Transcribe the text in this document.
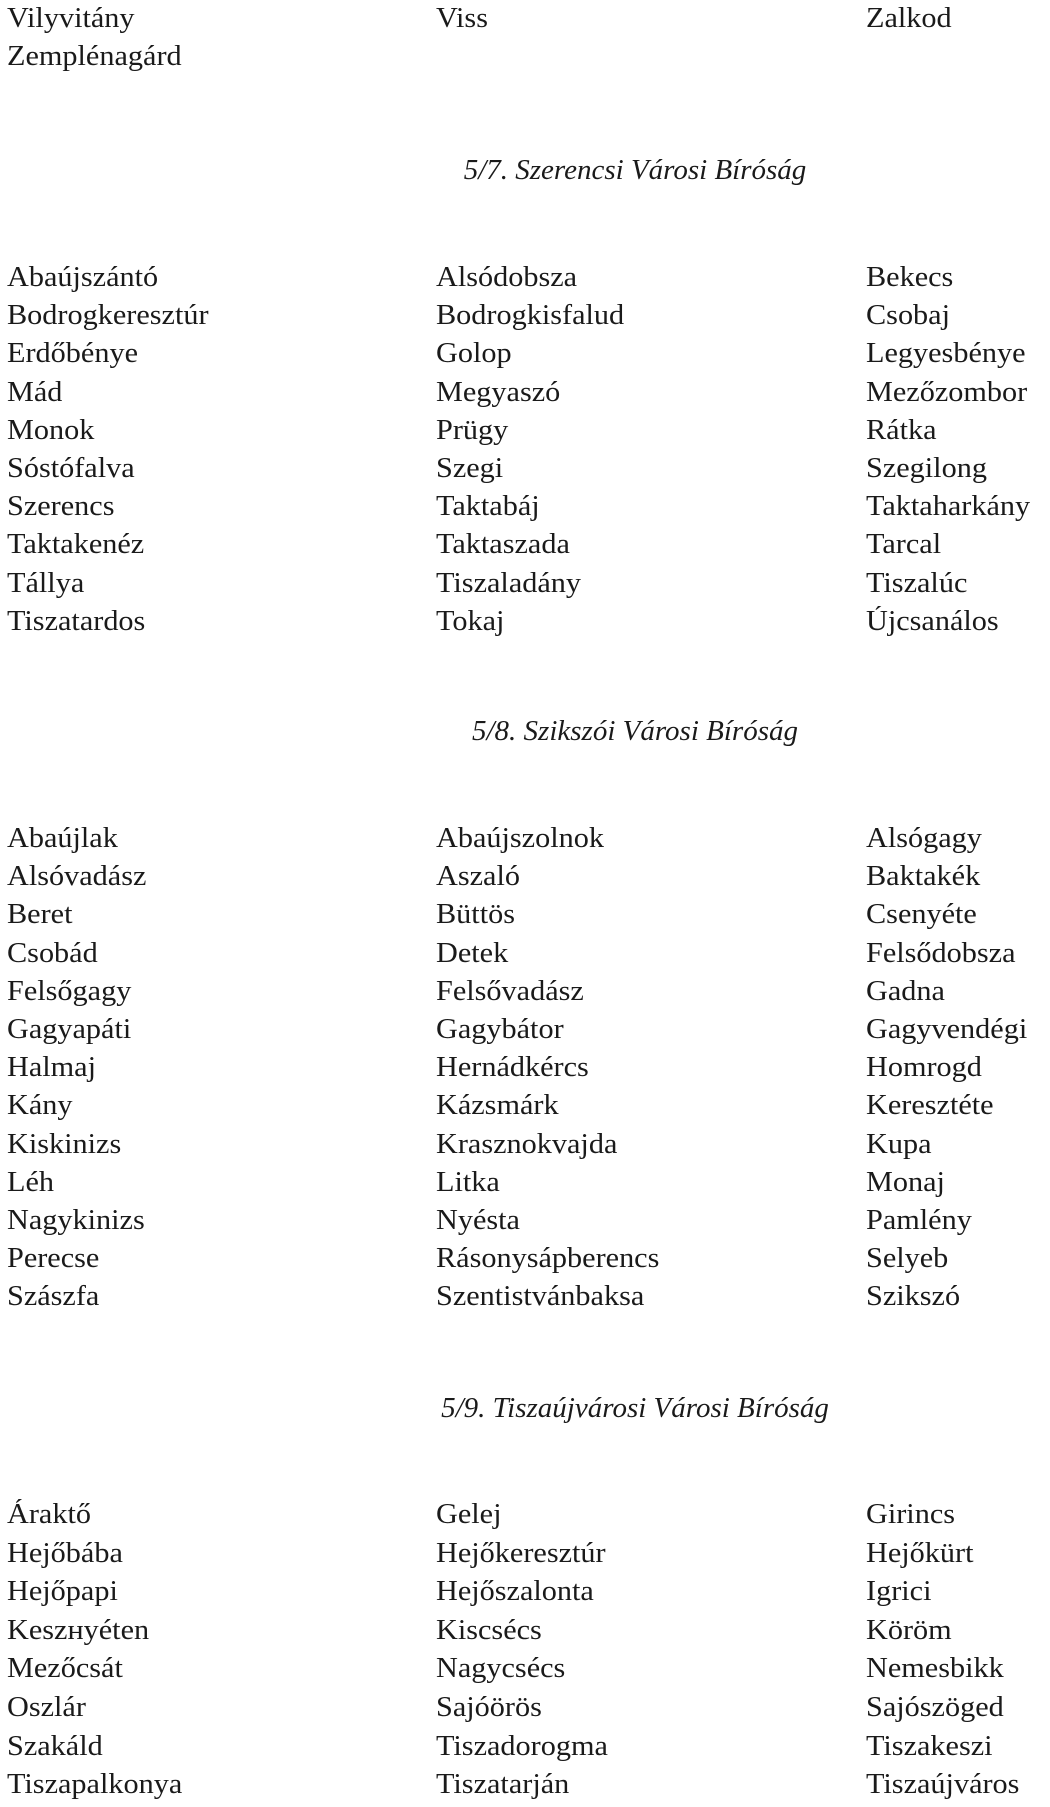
Vilyvitány	Viss	Zalkod
Zemplénagárd
5/7. Szerencsi Városi Bíróság
Abaújszántó	Alsódobsza	Bekecs
Bodrogkeresztúr	Bodrogkisfalud	Csobaj
Erdőbénye	Golop	Legyesbénye
Mád	Megyaszó	Mezőzombor
Monok	Prügy	Rátka
Sóstófalva	Szegi	Szegilong
Szerencs	Taktabáj	Taktaharkány
Taktakenéz	Taktaszada	Tarcal
Tállya	Tiszaladány	Tiszalúc
Tiszatardos	Tokaj	Újcsanálos
5/8. Szikszói Városi Bíróság
Abaújlak	Abaújszolnok	Alsógagy
Alsóvadász	Aszaló	Baktakék
Beret	Büttös	Csenyéte
Csobád	Detek	Felsődobsza
Felsőgagy	Felsővadász	Gadna
Gagyapáti	Gagybátor	Gagyvendégi
Halmaj	Hernádkércs	Homrogd
Kány	Kázsmárk	Keresztéte
Kiskinizs	Krasznokvajda	Kupa
Léh	Litka	Monaj
Nagykinizs	Nyésta	Pamlény
Perecse	Rásonysápberencs	Selyeb
Szászfa	Szentistvánbaksa	Szikszó
5/9. Tiszaújvárosi Városi Bíróság
Áraktő	Gelej	Girincs
Hejőbába	Hejőkeresztúr	Hejőkürt
Hejőpapi	Hejőszalonta	Igrici
Keszнyéten	Kiscsécs	Köröm
Mezőcsát	Nagycsécs	Nemesbikk
Oszlár	Sajóörös	Sajószöged
Szakáld	Tiszadorogma	Tiszakeszi
Tiszapalkonya	Tiszatarján	Tiszaújváros
